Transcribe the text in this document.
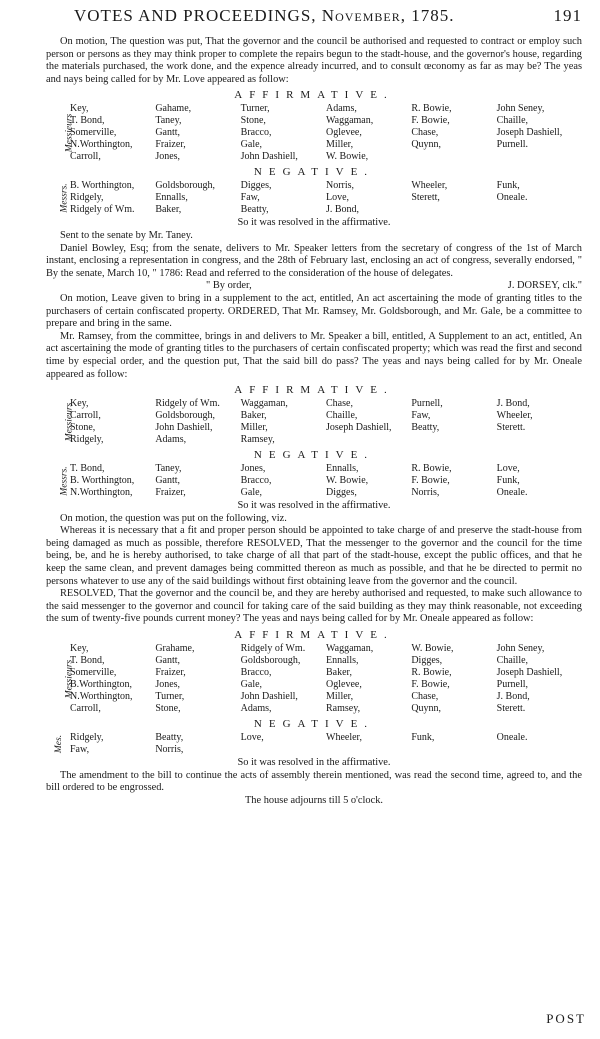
VOTES AND PROCEEDINGS, November, 1785.	191

On motion, The question was put, That the governor and the council be authorised and requested to contract or employ such person or persons as they may think proper to complete the repairs begun to the stadt-house, and the governor's house, regarding the materials purchased, the work done, and the expence already incurred, and to consult œconomy as far as may be? The yeas and nays being called for by Mr. Love appeared as follow:

AFFIRMATIVE.
Messieurs
Key,	Gahame,	Turner,	Adams,	R. Bowie,	John Seney,
T. Bond,	Taney,	Stone,	Waggaman,	F. Bowie,	Chaille,
Somerville,	Gantt,	Bracco,	Oglevee,	Chase,	Joseph Dashiell,
N.Worthington,	Fraizer,	Gale,	Miller,	Quynn,	Purnell.
Carroll,	Jones,	John Dashiell,	W. Bowie,
NEGATIVE.
Messrs. B. Worthington,	Goldsborough,	Digges,	Norris,	Wheeler,	Funk,
Ridgely,	Ennalls,	Faw,	Love,	Sterett,	Oneale.
Ridgely of Wm.	Baker,	Beatty,	J. Bond,

So it was resolved in the affirmative.

Sent to the senate by Mr. Taney.

Daniel Bowley, Esq; from the senate, delivers to Mr. Speaker letters from the secretary of congress of the 1st of March instant, enclosing a representation in congress, and the 28th of February last, enclosing an act of congress, severally endorsed, " By the senate, March 10, " 1786: Read and referred to the consideration of the house of delegates.

" By order,	J. DORSEY, clk."

On motion, Leave given to bring in a supplement to the act, entitled, An act ascertaining the mode of granting titles to the purchasers of certain confiscated property. ORDERED, That Mr. Ramsey, Mr. Goldsborough, and Mr. Gale, be a committee to prepare and bring in the same.

Mr. Ramsey, from the committee, brings in and delivers to Mr. Speaker a bill, entitled, A Supplement to an act, entitled, An act ascertaining the mode of granting titles to the purchasers of certain confiscated property; which was read the first and second time by especial order, and the question put, That the said bill do pass? The yeas and nays being called for by Mr. Oneale appeared as follow:

AFFIRMATIVE.
Messieurs
Key,	Ridgely of Wm.	Waggaman,	Chase,	Purnell,	J. Bond,
Carroll,	Goldsborough,	Baker,	Chaille,	Faw,	Wheeler,
Stone,	John Dashiell,	Miller,	Joseph Dashiell,	Beatty,	Sterett.
Ridgely,	Adams,	Ramsey,
NEGATIVE.
Messrs. T. Bond,	Taney,	Jones,	Ennalls,	R. Bowie,	Love,
B. Worthington,	Gantt,	Bracco,	W. Bowie,	F. Bowie,	Funk,
N.Worthington,	Fraizer,	Gale,	Digges,	Norris,	Oneale.

So it was resolved in the affirmative.

On motion, the question was put on the following, viz.

Whereas it is necessary that a fit and proper person should be appointed to take charge of and preserve the stadt-house from being damaged as much as possible, therefore RESOLVED, That the messenger to the governor and the council for the time being, be, and he is hereby authorised, to take charge of all that part of the stadt-house, except the public offices, and that he keep the same clean, and prevent damages being committed thereon as much as possible, and that he be directed to permit no persons whatever to use any of the said buildings without first obtaining leave from the governor and the council.

RESOLVED, That the governor and the council be, and they are hereby authorised and requested, to make such allowance to the said messenger to the governor and council for taking care of the said building as they may think reasonable, not exceeding the sum of twenty-five pounds current money? The yeas and nays being called for by Mr. Oneale appeared as follow:

AFFIRMATIVE.
Messieurs
Key,	Grahame,	Ridgely of Wm.	Waggaman,	W. Bowie,	John Seney,
T. Bond,	Gantt,	Goldsborough,	Ennalls,	Digges,	Chaille,
Somerville,	Fraizer,	Bracco,	Baker,	R. Bowie,	Joseph Dashiell,
B.Worthington,	Jones,	Gale,	Oglevee,	F. Bowie,	Purnell,
N.Worthington,	Turner,	John Dashiell,	Miller,	Chase,	J. Bond,
Carroll,	Stone,	Adams,	Ramsey,	Quynn,	Sterett.
NEGATIVE.
Mes. Ridgely,	Beatty,	Love,	Wheeler,	Funk,	Oneale.
Faw,	Norris,

So it was resolved in the affirmative.

The amendment to the bill to continue the acts of assembly therein mentioned, was read the second time, agreed to, and the bill ordered to be engrossed.

The house adjourns till 5 o'clock.

POST
